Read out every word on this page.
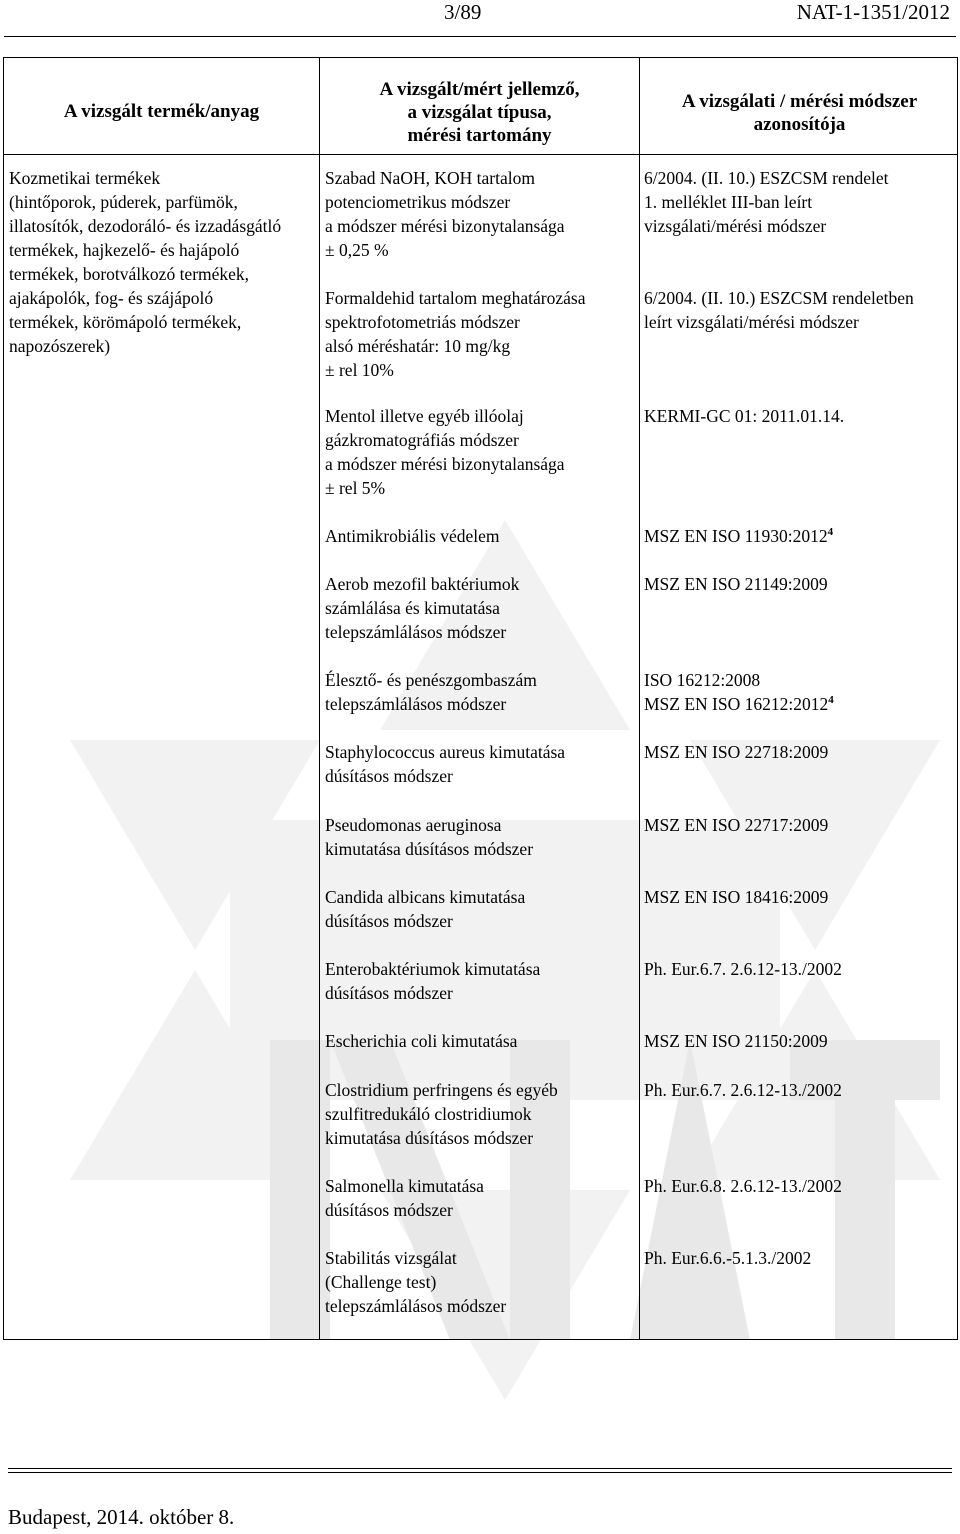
3/89	NAT-1-1351/2012
A vizsgált termék/anyag
A vizsgált/mért jellemző,
a vizsgálat típusa,
mérési tartomány
A vizsgálati / mérési módszer
azonosítója
Kozmetikai termékek
(hintőporok, púderek, parfümök,
illatosítók, dezodoráló- és izzadásgátló
termékek, hajkezelő- és hajápoló
termékek, borotválkozó termékek,
ajakápolók, fog- és szájápoló
termékek, körömápoló termékek,
napozószerek)
Szabad NaOH, KOH tartalom
potenciometrikus módszer
a módszer mérési bizonytalansága
± 0,25 %
Formaldehid tartalom meghatározása
spektrofotometriás módszer
alsó méréshatár: 10 mg/kg
± rel 10%
Mentol illetve egyéb illóolaj
gázkromatográfiás módszer
a módszer mérési bizonytalansága
± rel 5%
Antimikrobiális védelem
Aerob mezofil baktériumok
számlálása és kimutatása
telepszámlálásos módszer
Élesztő- és penészgombaszám
telepszámlálásos módszer
Staphylococcus aureus kimutatása
dúsításos módszer
Pseudomonas aeruginosa
kimutatása dúsításos módszer
Candida albicans kimutatása
dúsításos módszer
Enterobaktériumok kimutatása
dúsításos módszer
Escherichia coli kimutatása
Clostridium perfringens és egyéb
szulfitredukáló clostridiumok
kimutatása dúsításos módszer
Salmonella kimutatása
dúsításos módszer
Stabilitás vizsgálat
(Challenge test)
telepszámlálásos módszer
6/2004. (II. 10.) ESZCSM rendelet
1. melléklet III-ban leírt
vizsgálati/mérési módszer
6/2004. (II. 10.) ESZCSM rendeletben
leírt vizsgálati/mérési módszer
KERMI-GC 01: 2011.01.14.
MSZ EN ISO 11930:2012$^4$
MSZ EN ISO 21149:2009
ISO 16212:2008
MSZ EN ISO 16212:2012$^4$
MSZ EN ISO 22718:2009
MSZ EN ISO 22717:2009
MSZ EN ISO 18416:2009
Ph. Eur.6.7. 2.6.12-13./2002
MSZ EN ISO 21150:2009
Ph. Eur.6.7. 2.6.12-13./2002
Ph. Eur.6.8. 2.6.12-13./2002
Ph. Eur.6.6.-5.1.3./2002
Budapest, 2014. október 8.
